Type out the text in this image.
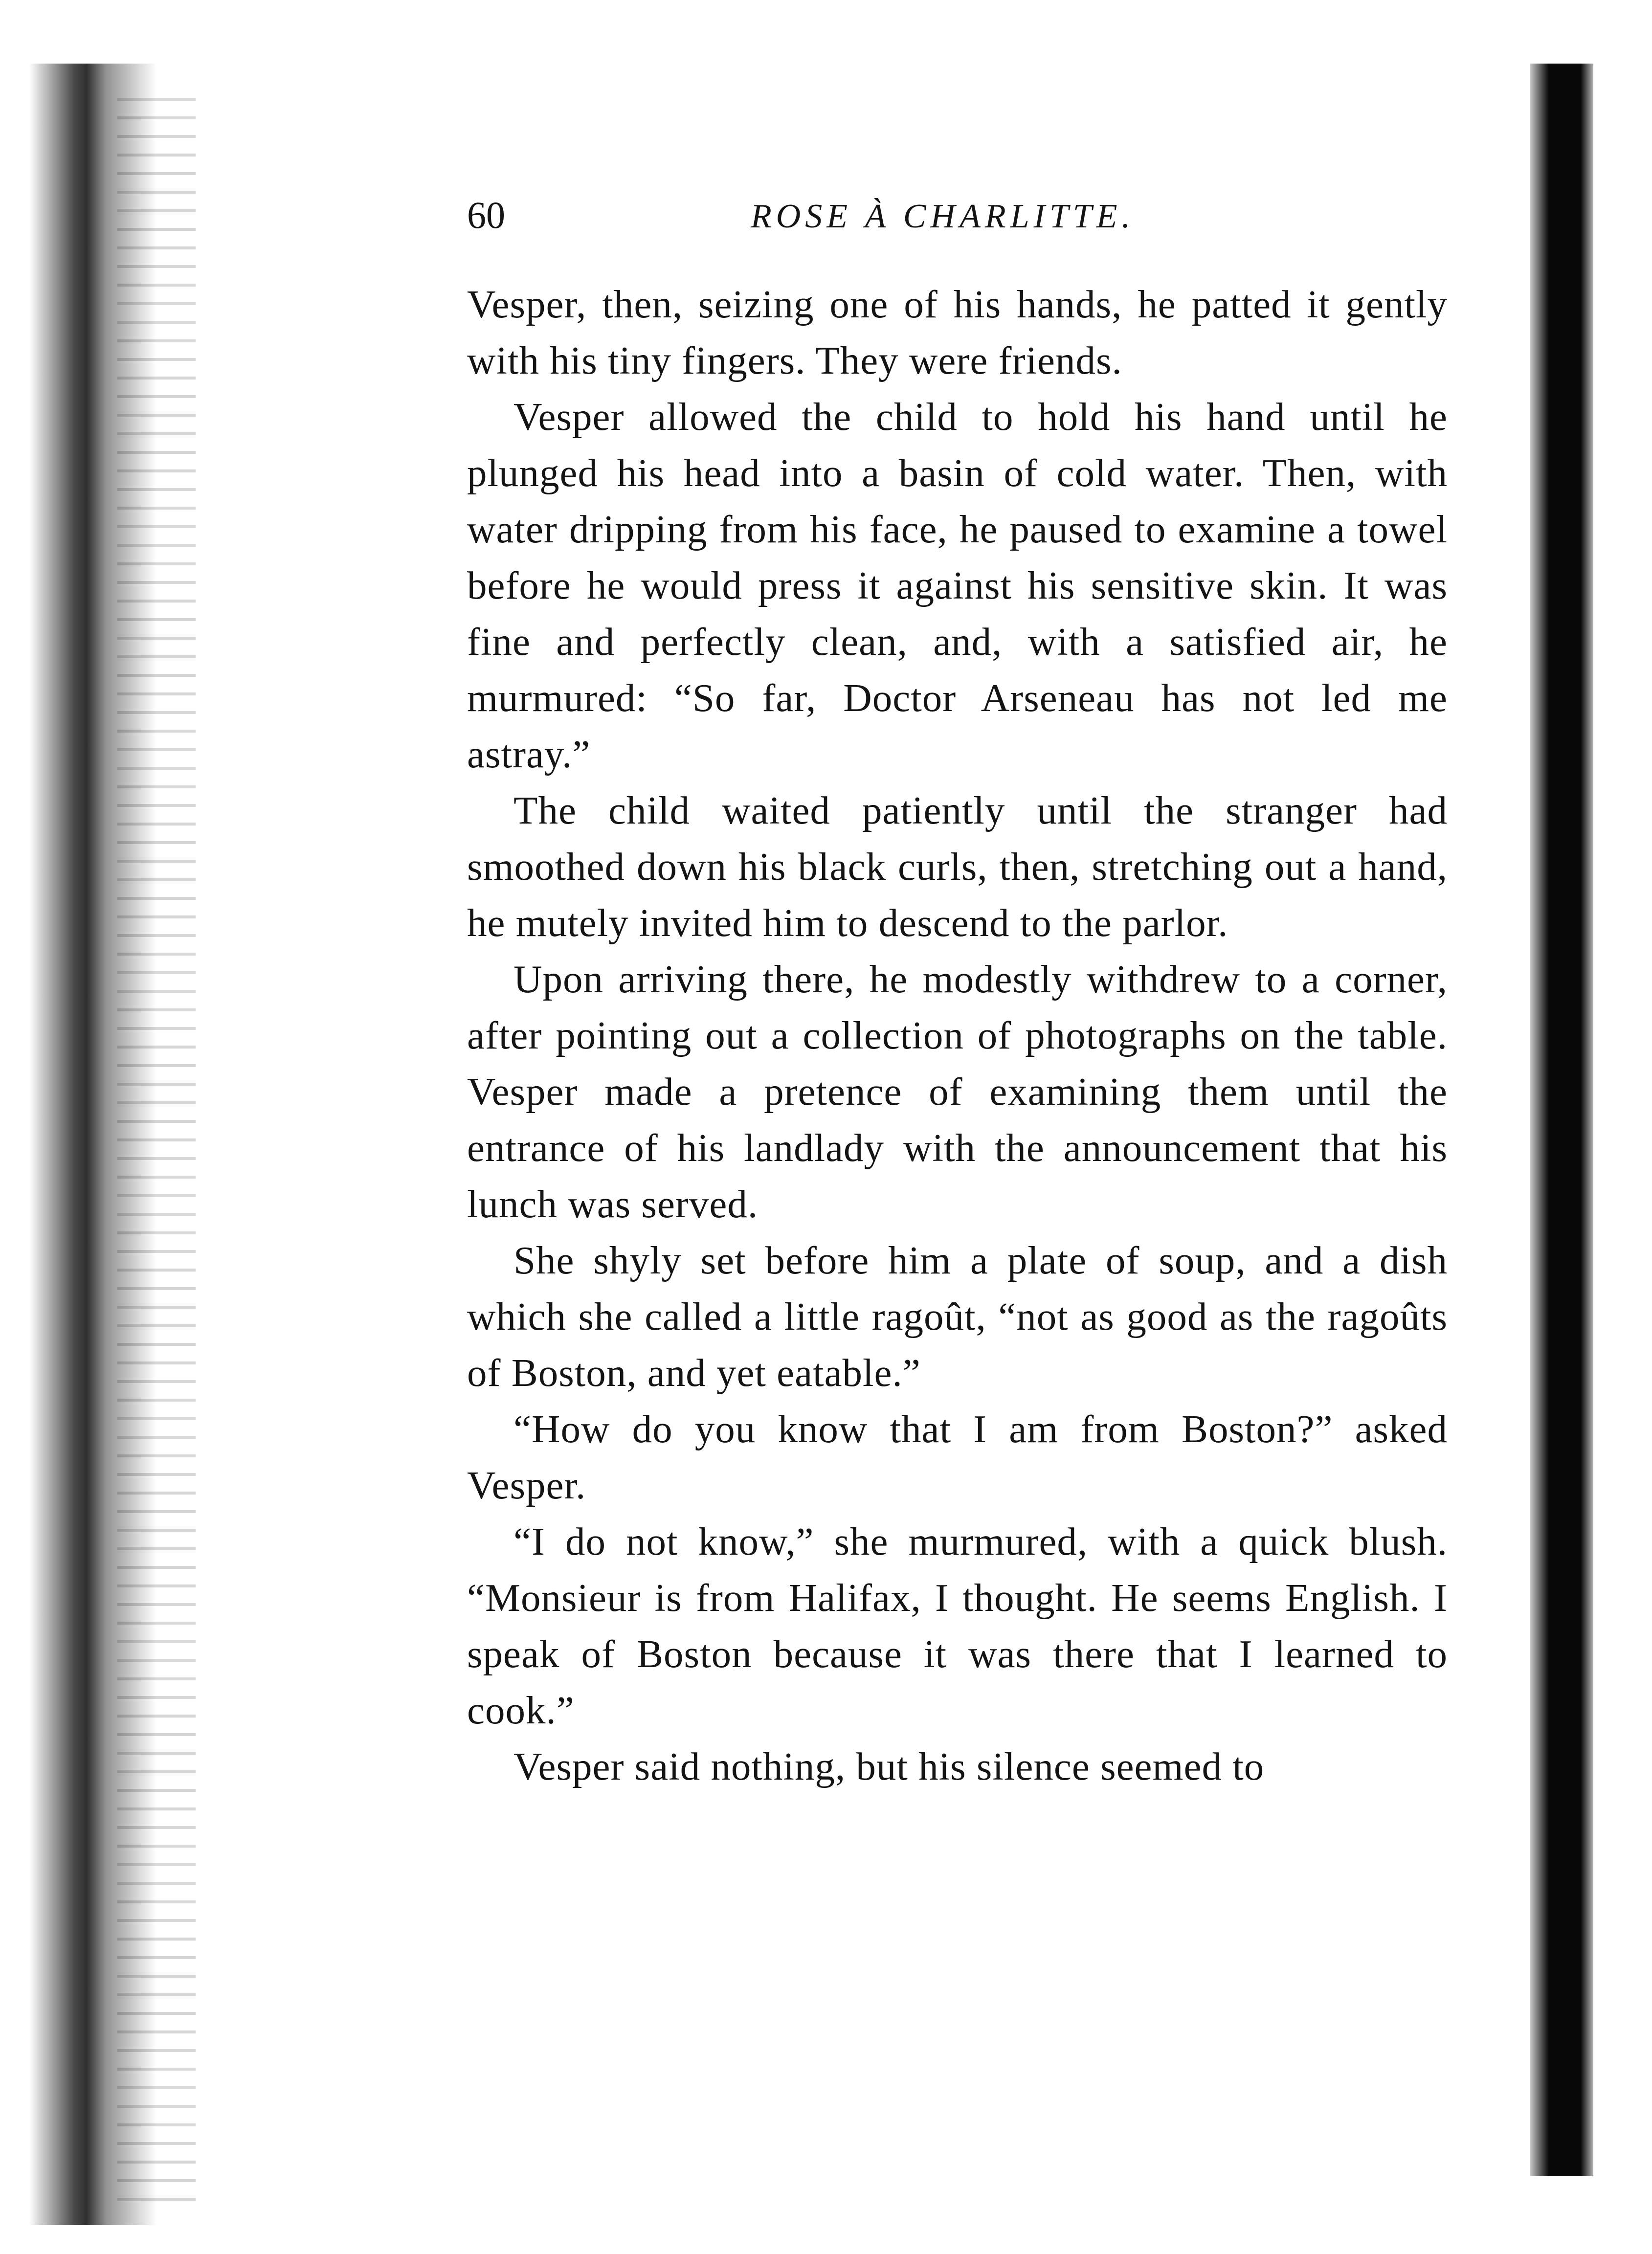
60	ROSE À CHARLITTE.

Vesper, then, seizing one of his hands, he patted it gently with his tiny fingers. They were friends.

Vesper allowed the child to hold his hand until he plunged his head into a basin of cold water. Then, with water dripping from his face, he paused to examine a towel before he would press it against his sensitive skin. It was fine and perfectly clean, and, with a satisfied air, he murmured: “So far, Doctor Arseneau has not led me astray.”

The child waited patiently until the stranger had smoothed down his black curls, then, stretching out a hand, he mutely invited him to descend to the parlor.

Upon arriving there, he modestly withdrew to a corner, after pointing out a collection of photographs on the table. Vesper made a pretence of examining them until the entrance of his landlady with the announcement that his lunch was served.

She shyly set before him a plate of soup, and a dish which she called a little ragoût, “not as good as the ragoûts of Boston, and yet eatable.”

“How do you know that I am from Boston?” asked Vesper.

“I do not know,” she murmured, with a quick blush. “Monsieur is from Halifax, I thought. He seems English. I speak of Boston because it was there that I learned to cook.”

Vesper said nothing, but his silence seemed to
